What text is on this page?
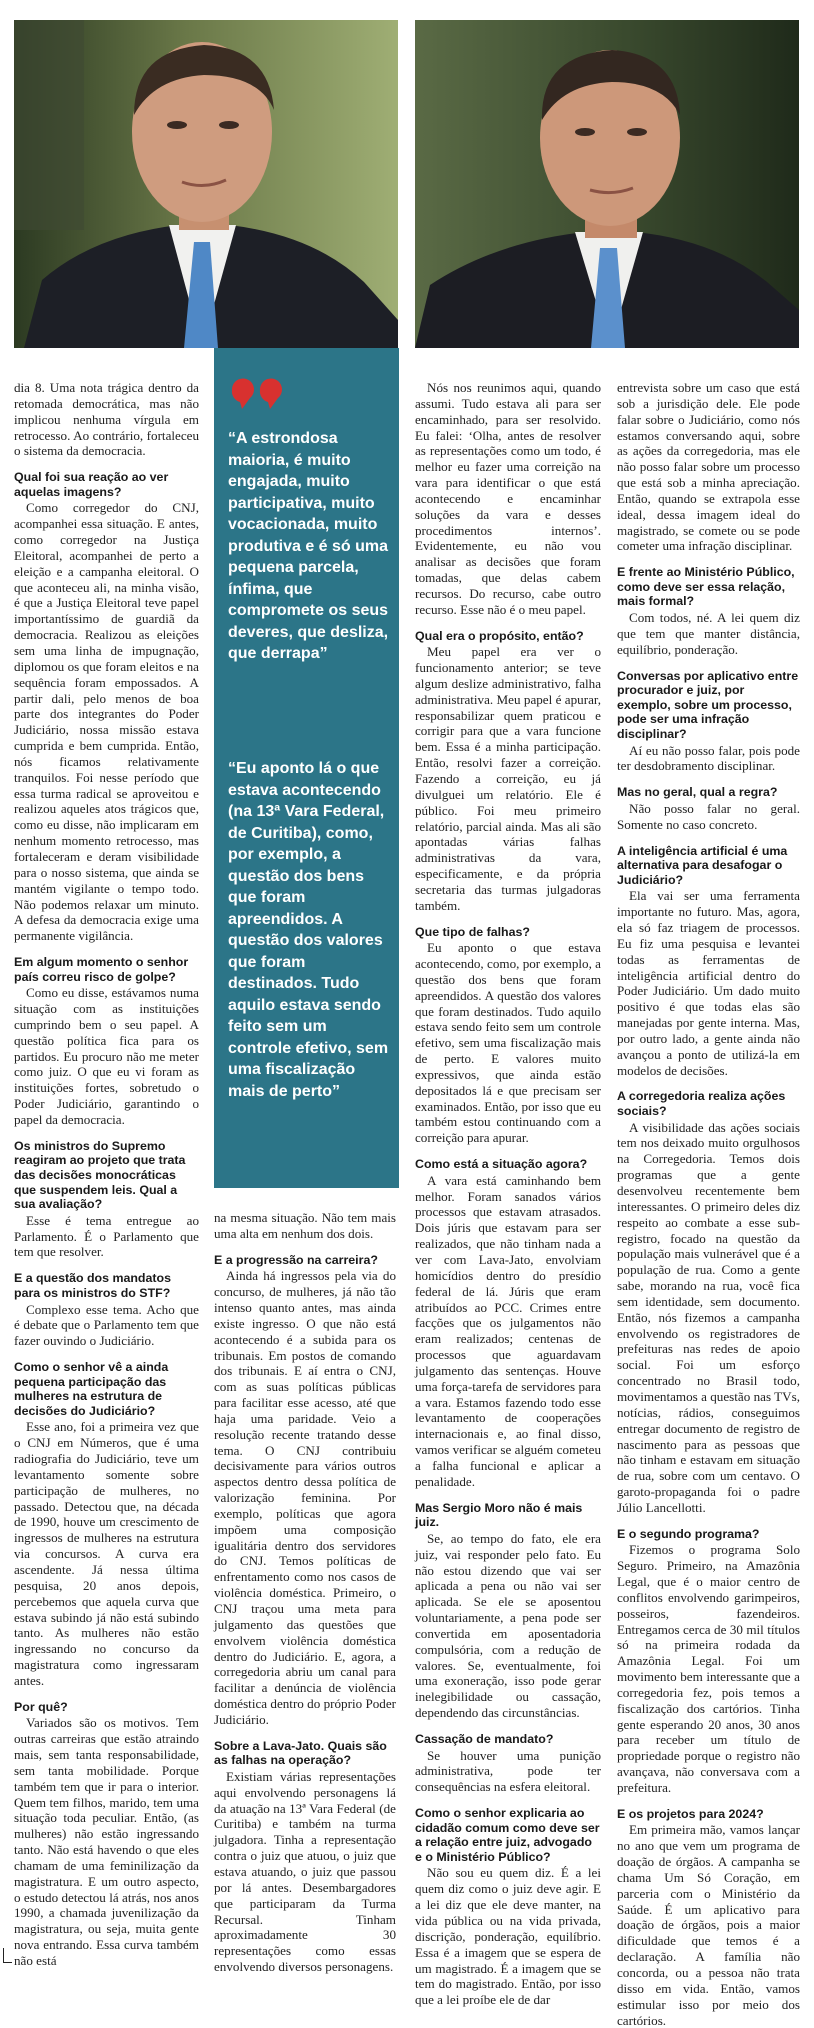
dia 8. Uma nota trágica dentro da retomada democrática, mas não implicou nenhuma vírgula em retrocesso. Ao contrário, fortaleceu o sistema da democracia.

Qual foi sua reação ao ver aquelas imagens?

Como corregedor do CNJ, acompanhei essa situação. E antes, como corregedor na Justiça Eleitoral, acompanhei de perto a eleição e a campanha eleitoral. O que aconteceu ali, na minha visão, é que a Justiça Eleitoral teve papel importantíssimo de guardiã da democracia. Realizou as eleições sem uma linha de impugnação, diplomou os que foram eleitos e na sequência foram empossados. A partir dali, pelo menos de boa parte dos integrantes do Poder Judiciário, nossa missão estava cumprida e bem cumprida. Então, nós ficamos relativamente tranquilos. Foi nesse período que essa turma radical se aproveitou e realizou aqueles atos trágicos que, como eu disse, não implicaram em nenhum momento retrocesso, mas fortaleceram e deram visibilidade para o nosso sistema, que ainda se mantém vigilante o tempo todo. Não podemos relaxar um minuto. A defesa da democracia exige uma permanente vigilância.

Em algum momento o senhor país correu risco de golpe?

Como eu disse, estávamos numa situação com as instituições cumprindo bem o seu papel. A questão política fica para os partidos. Eu procuro não me meter como juiz. O que eu vi foram as instituições fortes, sobretudo o Poder Judiciário, garantindo o papel da democracia.

Os ministros do Supremo reagiram ao projeto que trata das decisões monocráticas que suspendem leis. Qual a sua avaliação?

Esse é tema entregue ao Parlamento. É o Parlamento que tem que resolver.

E a questão dos mandatos para os ministros do STF?

Complexo esse tema. Acho que é debate que o Parlamento tem que fazer ouvindo o Judiciário.

Como o senhor vê a ainda pequena participação das mulheres na estrutura de decisões do Judiciário?

Esse ano, foi a primeira vez que o CNJ em Números, que é uma radiografia do Judiciário, teve um levantamento somente sobre participação de mulheres, no passado. Detectou que, na década de 1990, houve um crescimento de ingressos de mulheres na estrutura via concursos. A curva era ascendente. Já nessa última pesquisa, 20 anos depois, percebemos que aquela curva que estava subindo já não está subindo tanto. As mulheres não estão ingressando no concurso da magistratura como ingressaram antes.

Por quê?

Variados são os motivos. Tem outras carreiras que estão atraindo mais, sem tanta responsabilidade, sem tanta mobilidade. Porque também tem que ir para o interior. Quem tem filhos, marido, tem uma situação toda peculiar. Então, (as mulheres) não estão ingressando tanto. Não está havendo o que eles chamam de uma feminilização da magistratura. E um outro aspecto, o estudo detectou lá atrás, nos anos 1990, a chamada juvenilização da magistratura, ou seja, muita gente nova entrando. Essa curva também não está

“A estrondosa maioria, é muito engajada, muito participativa, muito vocacionada, muito produtiva e é só uma pequena parcela, ínfima, que compromete os seus deveres, que desliza, que derrapa”
“Eu aponto lá o que estava acontecendo (na 13ª Vara Federal, de Curitiba), como, por exemplo, a questão dos bens que foram apreendidos. A questão dos valores que foram destinados. Tudo aquilo estava sendo feito sem um controle efetivo, sem uma fiscalização mais de perto”

na mesma situação. Não tem mais uma alta em nenhum dos dois.

E a progressão na carreira?

Ainda há ingressos pela via do concurso, de mulheres, já não tão intenso quanto antes, mas ainda existe ingresso. O que não está acontecendo é a subida para os tribunais. Em postos de comando dos tribunais. E aí entra o CNJ, com as suas políticas públicas para facilitar esse acesso, até que haja uma paridade. Veio a resolução recente tratando desse tema. O CNJ contribuiu decisivamente para vários outros aspectos dentro dessa política de valorização feminina. Por exemplo, políticas que agora impõem uma composição igualitária dentro dos servidores do CNJ. Temos políticas de enfrentamento como nos casos de violência doméstica. Primeiro, o CNJ traçou uma meta para julgamento das questões que envolvem violência doméstica dentro do Judiciário. E, agora, a corregedoria abriu um canal para facilitar a denúncia de violência doméstica dentro do próprio Poder Judiciário.

Sobre a Lava-Jato. Quais são as falhas na operação?

Existiam várias representações aqui envolvendo personagens lá da atuação na 13ª Vara Federal (de Curitiba) e também na turma julgadora. Tinha a representação contra o juiz que atuou, o juiz que estava atuando, o juiz que passou por lá antes. Desembargadores que participaram da Turma Recursal. Tinham aproximadamente 30 representações como essas envolvendo diversos personagens.

Nós nos reunimos aqui, quando assumi. Tudo estava ali para ser encaminhado, para ser resolvido. Eu falei: ‘Olha, antes de resolver as representações como um todo, é melhor eu fazer uma correição na vara para identificar o que está acontecendo e encaminhar soluções da vara e desses procedimentos internos’. Evidentemente, eu não vou analisar as decisões que foram tomadas, que delas cabem recursos. Do recurso, cabe outro recurso. Esse não é o meu papel.

Qual era o propósito, então?

Meu papel era ver o funcionamento anterior; se teve algum deslize administrativo, falha administrativa. Meu papel é apurar, responsabilizar quem praticou e corrigir para que a vara funcione bem. Essa é a minha participação. Então, resolvi fazer a correição. Fazendo a correição, eu já divulguei um relatório. Ele é público. Foi meu primeiro relatório, parcial ainda. Mas ali são apontadas várias falhas administrativas da vara, especificamente, e da própria secretaria das turmas julgadoras também.

Que tipo de falhas?

Eu aponto o que estava acontecendo, como, por exemplo, a questão dos bens que foram apreendidos. A questão dos valores que foram destinados. Tudo aquilo estava sendo feito sem um controle efetivo, sem uma fiscalização mais de perto. E valores muito expressivos, que ainda estão depositados lá e que precisam ser examinados. Então, por isso que eu também estou continuando com a correição para apurar.

Como está a situação agora?

A vara está caminhando bem melhor. Foram sanados vários processos que estavam atrasados. Dois júris que estavam para ser realizados, que não tinham nada a ver com Lava-Jato, envolviam homicídios dentro do presídio federal de lá. Júris que eram atribuídos ao PCC. Crimes entre facções que os julgamentos não eram realizados; centenas de processos que aguardavam julgamento das sentenças. Houve uma força-tarefa de servidores para a vara. Estamos fazendo todo esse levantamento de cooperações internacionais e, ao final disso, vamos verificar se alguém cometeu a falha funcional e aplicar a penalidade.

Mas Sergio Moro não é mais juiz.

Se, ao tempo do fato, ele era juiz, vai responder pelo fato. Eu não estou dizendo que vai ser aplicada a pena ou não vai ser aplicada. Se ele se aposentou voluntariamente, a pena pode ser convertida em aposentadoria compulsória, com a redução de valores. Se, eventualmente, foi uma exoneração, isso pode gerar inelegibilidade ou cassação, dependendo das circunstâncias.

Cassação de mandato?

Se houver uma punição administrativa, pode ter consequências na esfera eleitoral.

Como o senhor explicaria ao cidadão comum como deve ser a relação entre juiz, advogado e o Ministério Público?

Não sou eu quem diz. É a lei quem diz como o juiz deve agir. E a lei diz que ele deve manter, na vida pública ou na vida privada, discrição, ponderação, equilíbrio. Essa é a imagem que se espera de um magistrado. É a imagem que se tem do magistrado. Então, por isso que a lei proíbe ele de dar

entrevista sobre um caso que está sob a jurisdição dele. Ele pode falar sobre o Judiciário, como nós estamos conversando aqui, sobre as ações da corregedoria, mas ele não posso falar sobre um processo que está sob a minha apreciação. Então, quando se extrapola esse ideal, dessa imagem ideal do magistrado, se comete ou se pode cometer uma infração disciplinar.

E frente ao Ministério Público, como deve ser essa relação, mais formal?

Com todos, né. A lei quem diz que tem que manter distância, equilíbrio, ponderação.

Conversas por aplicativo entre procurador e juiz, por exemplo, sobre um processo, pode ser uma infração disciplinar?

Aí eu não posso falar, pois pode ter desdobramento disciplinar.

Mas no geral, qual a regra?

Não posso falar no geral. Somente no caso concreto.

A inteligência artificial é uma alternativa para desafogar o Judiciário?

Ela vai ser uma ferramenta importante no futuro. Mas, agora, ela só faz triagem de processos. Eu fiz uma pesquisa e levantei todas as ferramentas de inteligência artificial dentro do Poder Judiciário. Um dado muito positivo é que todas elas são manejadas por gente interna. Mas, por outro lado, a gente ainda não avançou a ponto de utilizá-la em modelos de decisões.

A corregedoria realiza ações sociais?

A visibilidade das ações sociais tem nos deixado muito orgulhosos na Corregedoria. Temos dois programas que a gente desenvolveu recentemente bem interessantes. O primeiro deles diz respeito ao combate a esse sub-registro, focado na questão da população mais vulnerável que é a população de rua. Como a gente sabe, morando na rua, você fica sem identidade, sem documento. Então, nós fizemos a campanha envolvendo os registradores de prefeituras nas redes de apoio social. Foi um esforço concentrado no Brasil todo, movimentamos a questão nas TVs, notícias, rádios, conseguimos entregar documento de registro de nascimento para as pessoas que não tinham e estavam em situação de rua, sobre com um centavo. O garoto-propaganda foi o padre Júlio Lancellotti.

E o segundo programa?

Fizemos o programa Solo Seguro. Primeiro, na Amazônia Legal, que é o maior centro de conflitos envolvendo garimpeiros, posseiros, fazendeiros. Entregamos cerca de 30 mil títulos só na primeira rodada da Amazônia Legal. Foi um movimento bem interessante que a corregedoria fez, pois temos a fiscalização dos cartórios. Tinha gente esperando 20 anos, 30 anos para receber um título de propriedade porque o registro não avançava, não conversava com a prefeitura.

E os projetos para 2024?

Em primeira mão, vamos lançar no ano que vem um programa de doação de órgãos. A campanha se chama Um Só Coração, em parceria com o Ministério da Saúde. É um aplicativo para doação de órgãos, pois a maior dificuldade que temos é a declaração. A família não concorda, ou a pessoa não trata disso em vida. Então, vamos estimular isso por meio dos cartórios.
